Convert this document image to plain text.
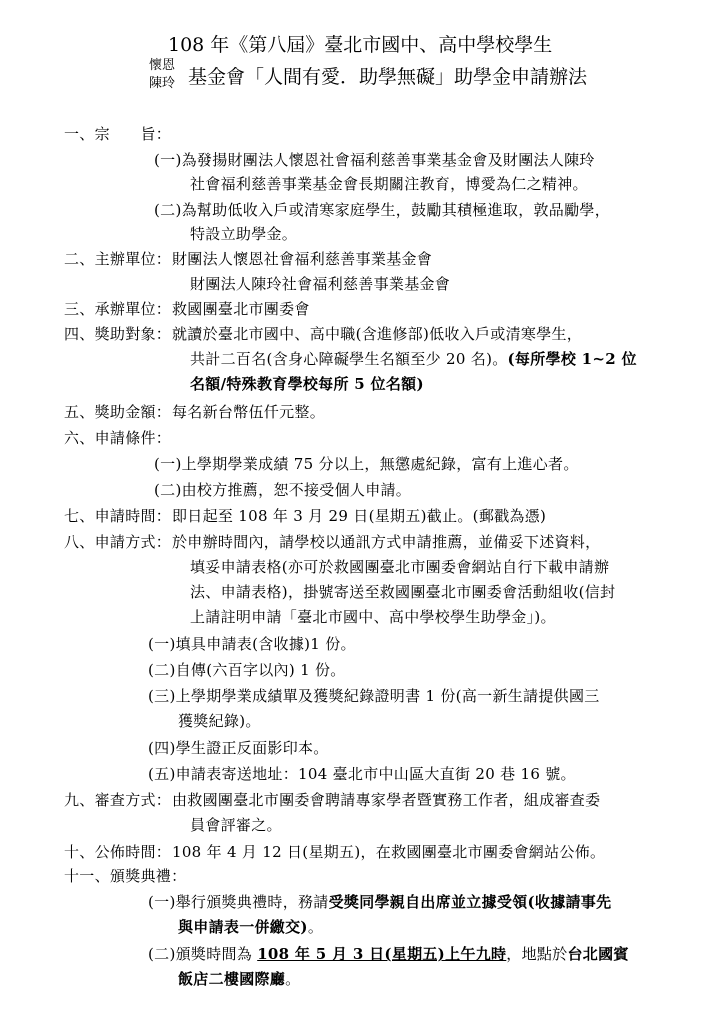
108 年《第八屆》臺北市國中、高中學校學生
懷恩
陳玲 基金會「人間有愛．助學無礙」助學金申請辦法
一、宗　　旨：
(一)為發揚財團法人懷恩社會福利慈善事業基金會及財團法人陳玲
社會福利慈善事業基金會長期關注教育，博愛為仁之精神。
(二)為幫助低收入戶或清寒家庭學生，鼓勵其積極進取，敦品勵學，
特設立助學金。
二、主辦單位： 財團法人懷恩社會福利慈善事業基金會
財團法人陳玲社會福利慈善事業基金會
三、承辦單位： 救國團臺北市團委會
四、獎助對象： 就讀於臺北市國中、高中職(含進修部)低收入戶或清寒學生，
共計二百名(含身心障礙學生名額至少 20 名)。(每所學校 1~2 位
名額/特殊教育學校每所 5 位名額)
五、獎助金額： 每名新台幣伍仟元整。
六、申請條件：
(一)上學期學業成績 75 分以上，無懲處紀錄，富有上進心者。
(二)由校方推薦，恕不接受個人申請。
七、申請時間： 即日起至 108 年 3 月 29 日(星期五)截止。(郵戳為憑)
八、申請方式： 於申辦時間內，請學校以通訊方式申請推薦，並備妥下述資料，
填妥申請表格(亦可於救國團臺北市團委會網站自行下載申請辦
法、申請表格)，掛號寄送至救國團臺北市團委會活動組收(信封
上請註明申請「臺北市國中、高中學校學生助學金」)。
(一)填具申請表(含收據)1 份。
(二)自傳(六百字以內) 1 份。
(三)上學期學業成績單及獲獎紀錄證明書 1 份(高一新生請提供國三
獲獎紀錄)。
(四)學生證正反面影印本。
(五)申請表寄送地址：104 臺北市中山區大直街 20 巷 16 號。
九、審查方式： 由救國團臺北市團委會聘請專家學者暨實務工作者，組成審查委
員會評審之。
十、公佈時間： 108 年 4 月 12 日(星期五)，在救國團臺北市團委會網站公佈。
十一、頒獎典禮：
(一)舉行頒獎典禮時，務請受獎同學親自出席並立據受領(收據請事先
與申請表一併繳交)。
(二)頒獎時間為 108 年 5 月 3 日(星期五)上午九時，地點於台北國賓
飯店二樓國際廳。
